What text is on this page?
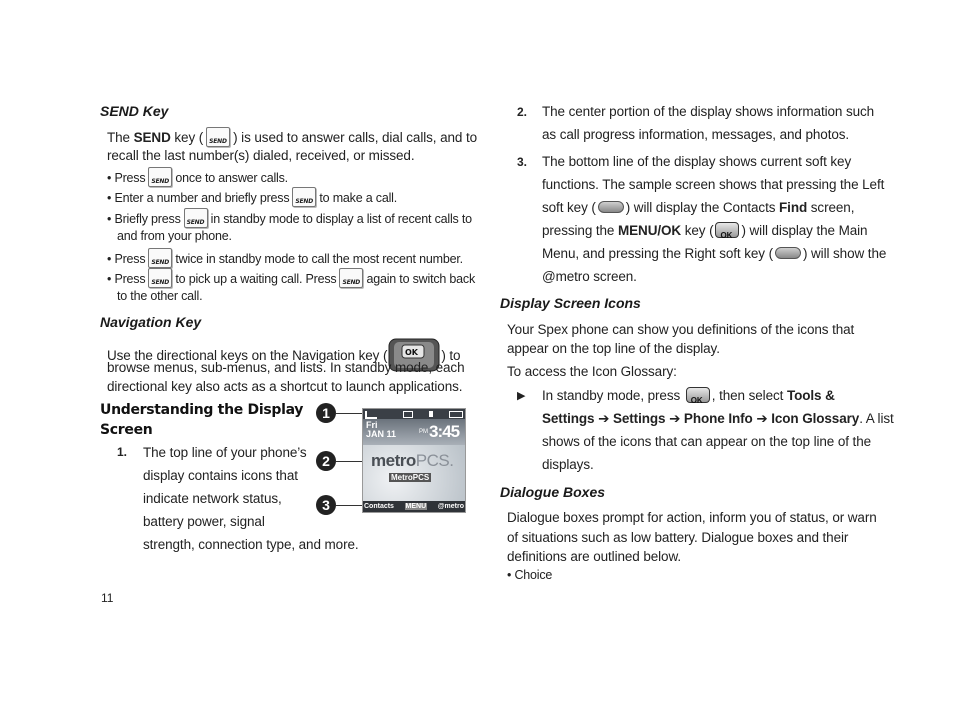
SEND Key
The SEND key ( SEND ) is used to answer calls, dial calls, and to
recall the last number(s) dialed, received, or missed.
• Press SEND once to answer calls.
• Enter a number and briefly press SEND to make a call.
• Briefly press SEND in standby mode to display a list of recent calls to
and from your phone.
• Press SEND twice in standby mode to call the most recent number.
• Press SEND to pick up a waiting call. Press SEND again to switch back
to the other call.
Navigation Key
Use the directional keys on the Navigation key ( OK ) to
browse menus, sub-menus, and lists. In standby mode, each
directional key also acts as a shortcut to launch applications.
Understanding the Display
Screen
1. The top line of your phone’s
display contains icons that
indicate network status,
battery power, signal
strength, connection type, and more.
1
2
3
Fri
JAN 11	PM 3:45
metroPCS.
MetroPCS
Contacts MENU @metro
11
2. The center portion of the display shows information such
as call progress information, messages, and photos.
3. The bottom line of the display shows current soft key
functions. The sample screen shows that pressing the Left
soft key ( ) will display the Contacts Find screen,
pressing the MENU/OK key ( OK ) will display the Main
Menu, and pressing the Right soft key ( ) will show the
@metro screen.
Display Screen Icons
Your Spex phone can show you definitions of the icons that
appear on the top line of the display.
To access the Icon Glossary:
▶ In standby mode, press OK , then select Tools &
Settings ➔ Settings ➔ Phone Info ➔ Icon Glossary. A list
shows of the icons that can appear on the top line of the
displays.
Dialogue Boxes
Dialogue boxes prompt for action, inform you of status, or warn
of situations such as low battery. Dialogue boxes and their
definitions are outlined below.
• Choice
